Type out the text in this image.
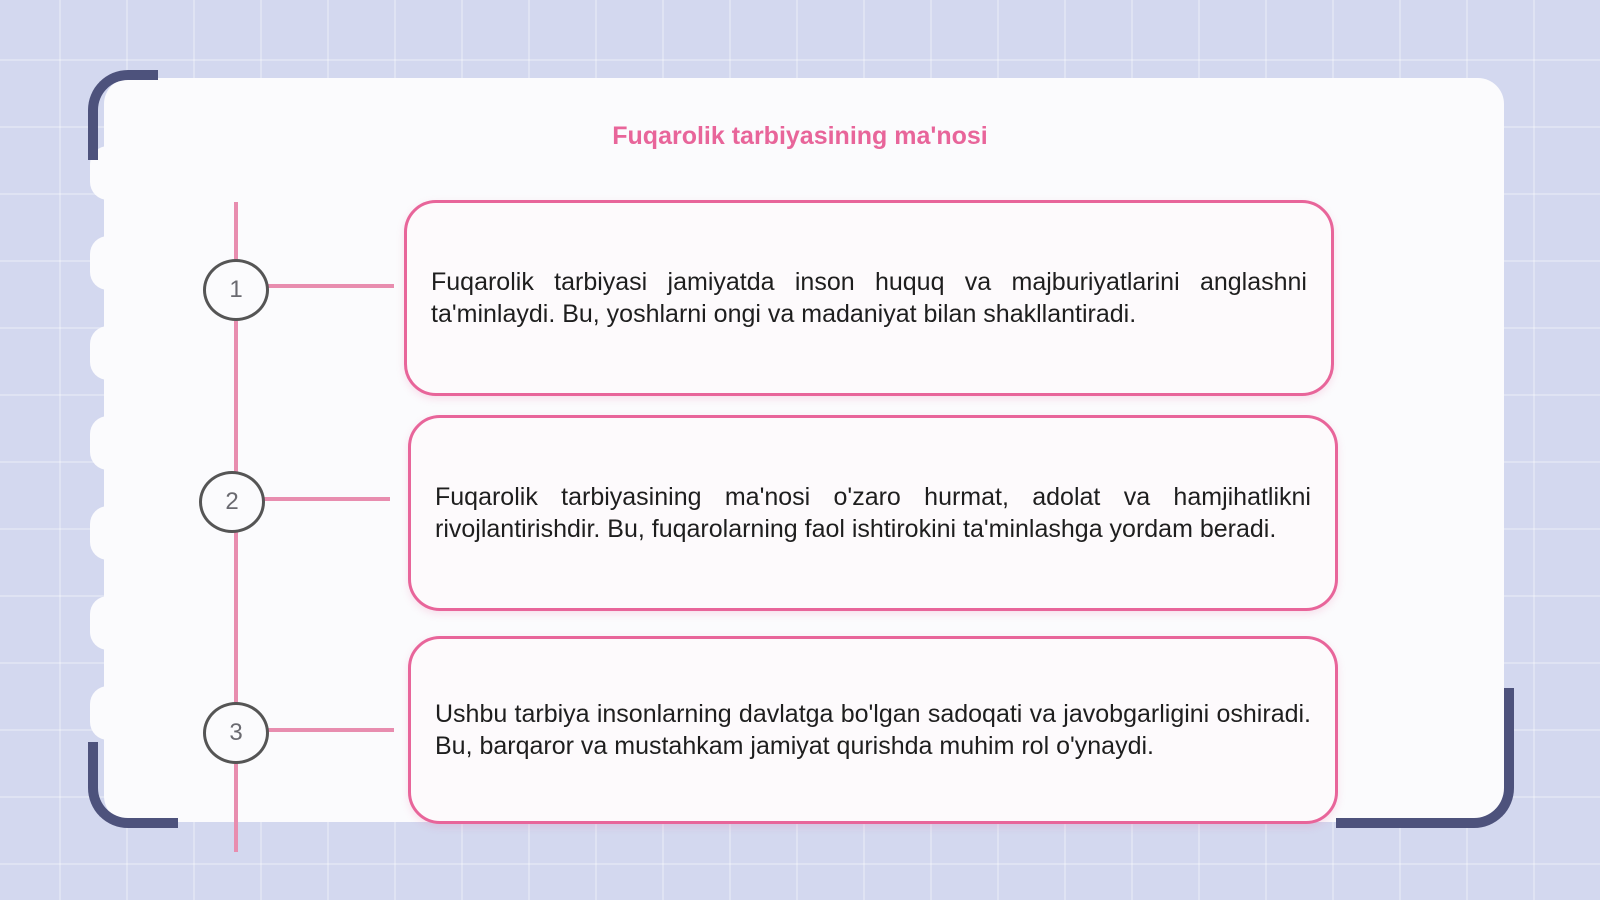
Fuqarolik tarbiyasining ma'nosi
1
2
3

Fuqarolik tarbiyasi jamiyatda inson huquq va majburiyatlarini anglashni ta'minlaydi. Bu, yoshlarni ongi va madaniyat bilan shakllantiradi.

Fuqarolik tarbiyasining ma'nosi o'zaro hurmat, adolat va hamjihatlikni rivojlantirishdir. Bu, fuqarolarning faol ishtirokini ta'minlashga yordam beradi.

Ushbu tarbiya insonlarning davlatga bo'lgan sadoqati va javobgarligini oshiradi. Bu, barqaror va mustahkam jamiyat qurishda muhim rol o'ynaydi.
